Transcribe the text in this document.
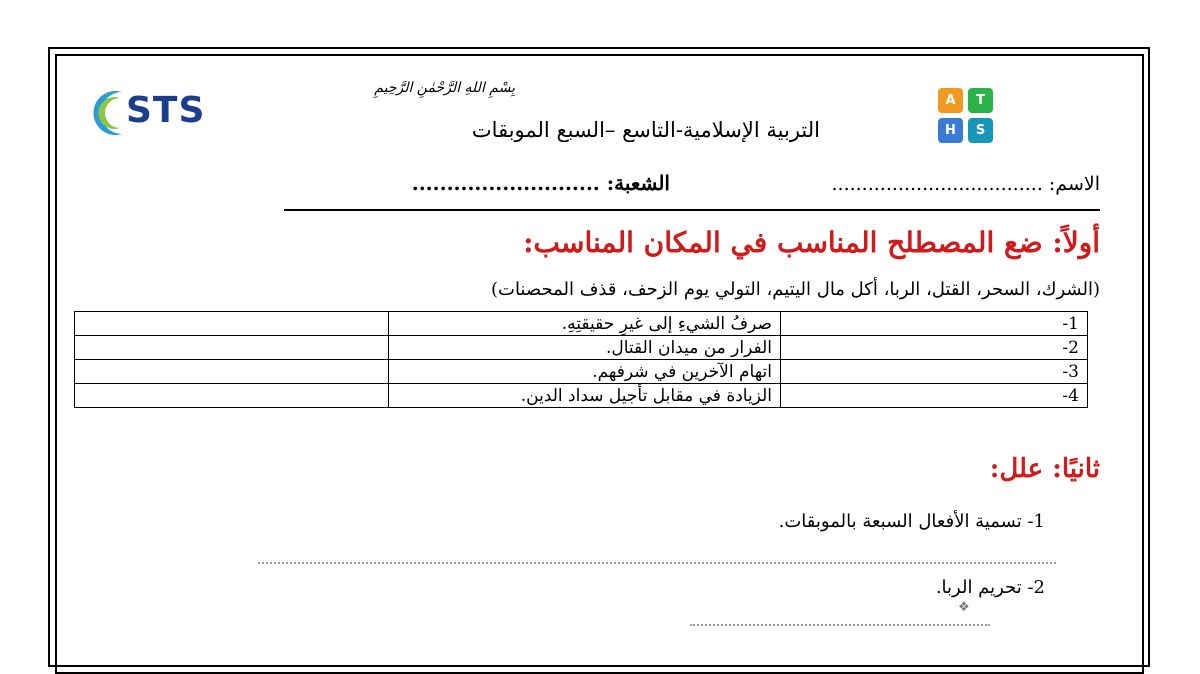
STS	A	T
H	S
بِسْمِ اللهِ الرَّحْمٰنِ الرَّحِيمِ
التربية الإسلامية-التاسع –السبع الموبقات
الاسم: ...................................
الشعبة: ...........................
أولاً: ضع المصطلح المناسب في المكان المناسب:
(الشرك، السحر، القتل، الربا، أكل مال اليتيم، التولي يوم الزحف، قذف المحصنات)
1-	صرفُ الشيءِ إلى غيرِ حقيقتِهِ.	
2-	الفرار من ميدان القتال.	
3-	اتهام الآخرين في شرفهم.	
4-	الزيادة في مقابل تأجيل سداد الدين.	
ثانيًا: علل:
1- تسمية الأفعال السبعة بالموبقات.
2- تحريم الربا.
❖
